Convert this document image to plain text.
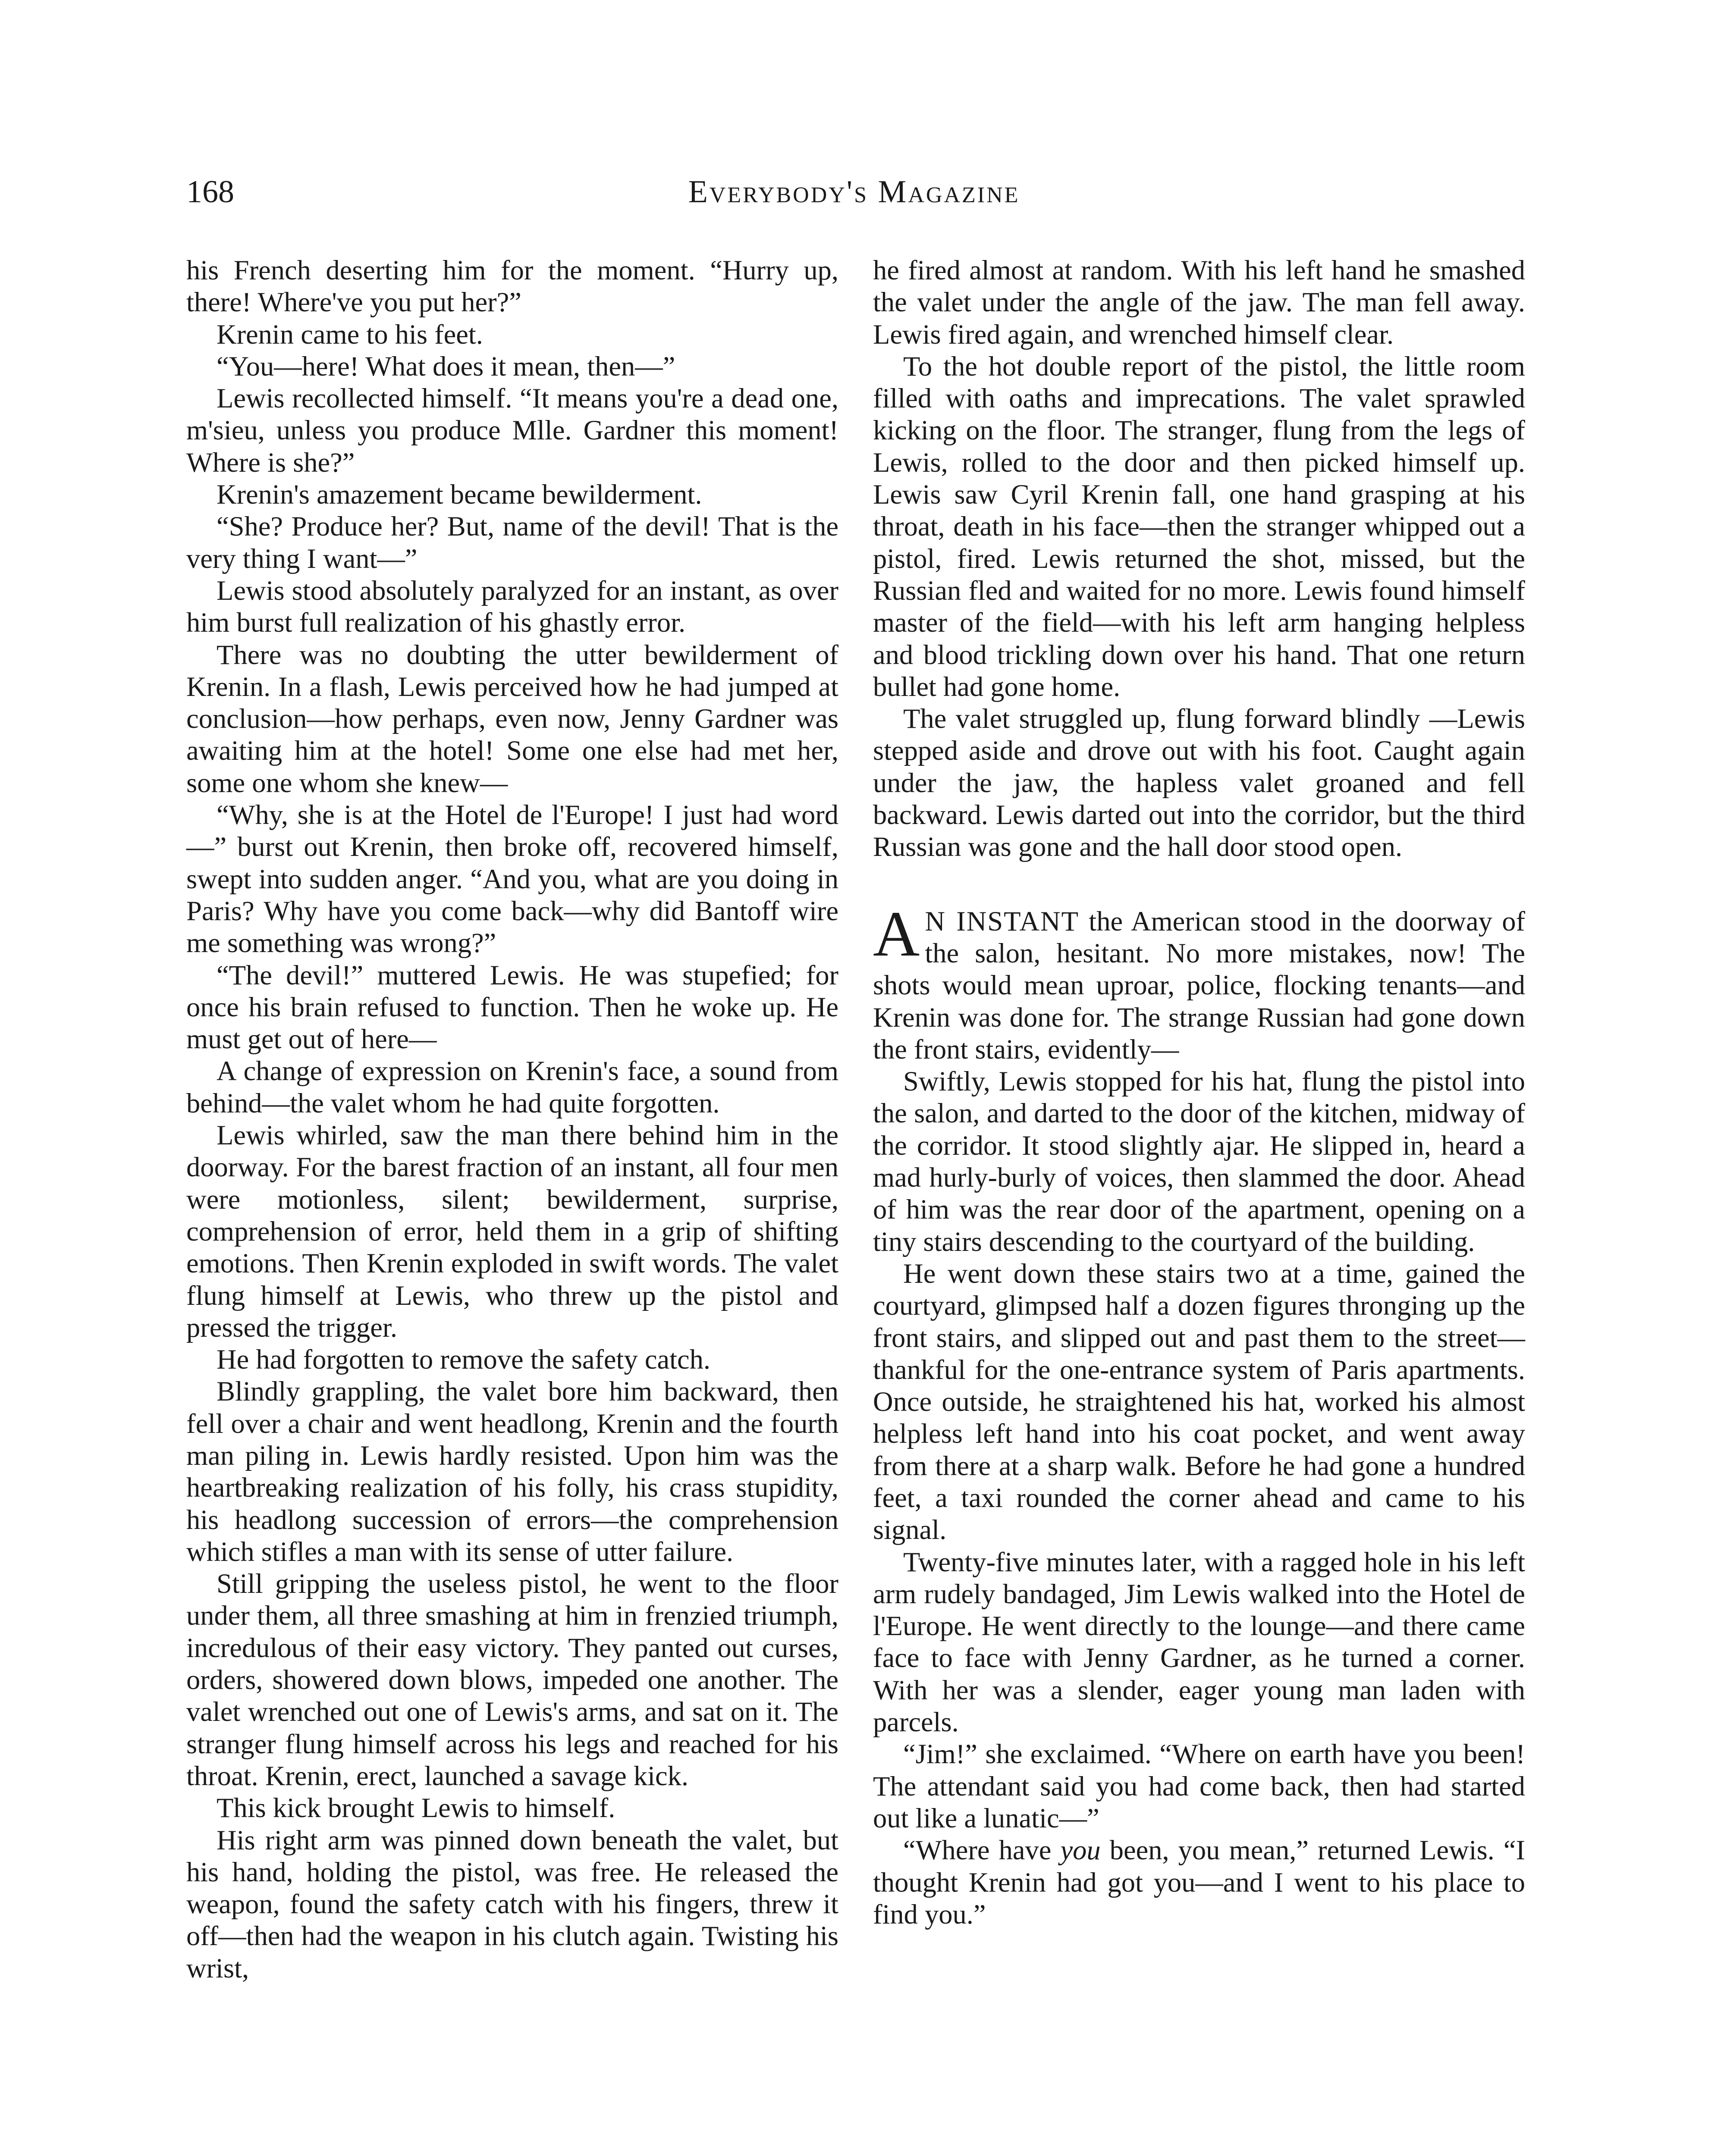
168	Everybody's Magazine

his French deserting him for the moment. “Hurry up, there! Where've you put her?”

Krenin came to his feet.

“You—here! What does it mean, then—”

Lewis recollected himself. “It means you're a dead one, m'sieu, unless you produce Mlle. Gardner this moment! Where is she?”

Krenin's amazement became bewilderment.

“She? Produce her? But, name of the devil! That is the very thing I want—”

Lewis stood absolutely paralyzed for an instant, as over him burst full realization of his ghastly error.

There was no doubting the utter bewilderment of Krenin. In a flash, Lewis perceived how he had jumped at conclusion—how perhaps, even now, Jenny Gardner was awaiting him at the hotel! Some one else had met her, some one whom she knew—

“Why, she is at the Hotel de l'Europe! I just had word—” burst out Krenin, then broke off, recovered himself, swept into sudden anger. “And you, what are you doing in Paris? Why have you come back—why did Bantoff wire me something was wrong?”

“The devil!” muttered Lewis. He was stupefied; for once his brain refused to function. Then he woke up. He must get out of here—

A change of expression on Krenin's face, a sound from behind—the valet whom he had quite forgotten.

Lewis whirled, saw the man there behind him in the doorway. For the barest fraction of an instant, all four men were motionless, silent; bewilderment, surprise, comprehension of error, held them in a grip of shifting emotions. Then Krenin exploded in swift words. The valet flung himself at Lewis, who threw up the pistol and pressed the trigger.

He had forgotten to remove the safety catch.

Blindly grappling, the valet bore him backward, then fell over a chair and went headlong, Krenin and the fourth man piling in. Lewis hardly resisted. Upon him was the heartbreaking realization of his folly, his crass stupidity, his headlong succession of errors—the comprehension which stifles a man with its sense of utter failure.

Still gripping the useless pistol, he went to the floor under them, all three smashing at him in frenzied triumph, incredulous of their easy victory. They panted out curses, orders, showered down blows, impeded one another. The valet wrenched out one of Lewis's arms, and sat on it. The stranger flung himself across his legs and reached for his throat. Krenin, erect, launched a savage kick.

This kick brought Lewis to himself.

His right arm was pinned down beneath the valet, but his hand, holding the pistol, was free. He released the weapon, found the safety catch with his fingers, threw it off—then had the weapon in his clutch again. Twisting his wrist,

he fired almost at random. With his left hand he smashed the valet under the angle of the jaw. The man fell away. Lewis fired again, and wrenched himself clear.

To the hot double report of the pistol, the little room filled with oaths and imprecations. The valet sprawled kicking on the floor. The stranger, flung from the legs of Lewis, rolled to the door and then picked himself up. Lewis saw Cyril Krenin fall, one hand grasping at his throat, death in his face—then the stranger whipped out a pistol, fired. Lewis returned the shot, missed, but the Russian fled and waited for no more. Lewis found himself master of the field—with his left arm hanging helpless and blood trickling down over his hand. That one return bullet had gone home.

The valet struggled up, flung forward blindly —Lewis stepped aside and drove out with his foot. Caught again under the jaw, the hapless valet groaned and fell backward. Lewis darted out into the corridor, but the third Russian was gone and the hall door stood open.

A N INSTANT the American stood in the doorway of the salon, hesitant. No more mistakes, now! The shots would mean uproar, police, flocking tenants—and Krenin was done for. The strange Russian had gone down the front stairs, evidently—

Swiftly, Lewis stopped for his hat, flung the pistol into the salon, and darted to the door of the kitchen, midway of the corridor. It stood slightly ajar. He slipped in, heard a mad hurly-burly of voices, then slammed the door. Ahead of him was the rear door of the apartment, opening on a tiny stairs descending to the courtyard of the building.

He went down these stairs two at a time, gained the courtyard, glimpsed half a dozen figures thronging up the front stairs, and slipped out and past them to the street—thankful for the one-entrance system of Paris apartments. Once outside, he straightened his hat, worked his almost helpless left hand into his coat pocket, and went away from there at a sharp walk. Before he had gone a hundred feet, a taxi rounded the corner ahead and came to his signal.

Twenty-five minutes later, with a ragged hole in his left arm rudely bandaged, Jim Lewis walked into the Hotel de l'Europe. He went directly to the lounge—and there came face to face with Jenny Gardner, as he turned a corner. With her was a slender, eager young man laden with parcels.

“Jim!” she exclaimed. “Where on earth have you been! The attendant said you had come back, then had started out like a lunatic—”

“Where have you been, you mean,” returned Lewis. “I thought Krenin had got you—and I went to his place to find you.”
